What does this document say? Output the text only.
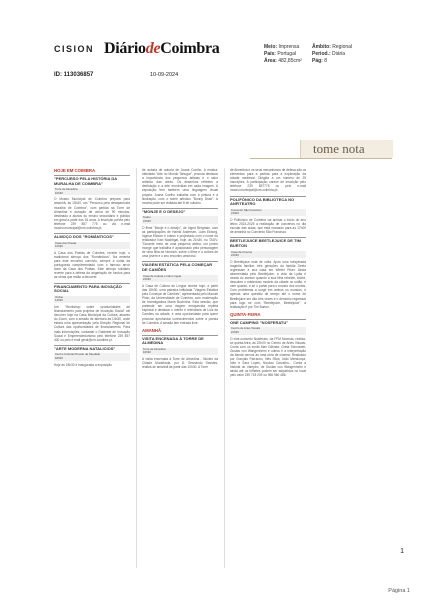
CISION DiáriodeCoimbra
ID: 113036857	10-09-2024
Meio: Imprensa
País: Portugal
Área: 482,85cm²
Âmbito: Regional
Period.: Diária
Pág: 8
tome nota
HOJE EM COIMBRA
"PERCURSO PELA HISTÓRIA DA MURALHA DE COIMBRA"
Torre de Almedina
10h30

O Museu Municipal de Coimbra prepara para amanhã, às 10h30, um "Percurso pela desaparecida muralha de Coimbra", com partida na Torre de Almedina e duração de cerca de 90 minutos, destinado a alunos do ensino secundário e público em geral a partir dos 16 anos. A inscrição prévia pelo telefone 239 857 775 ou via e-mail museu.municipal@cm-coimbra.pt.

ALMOÇO DOS "ROMÂNTICOS"
Casa dos Poetas
12h30

A Casa dos Poetas de Coimbra, recebe hoje, o tradicional almoço dos "Românticos". Na ementa para este encontro convívio, sempre à conta da portuguesa complementado com o famoso arroz doce da Casa dos Poetas. Este almoço solidário reverte para a defesa da angariação de fundos para as obras que estão a decorrer.

FINANCIAMENTO PARA INOVAÇÃO SOCIAL
Online
14h30

Um "Workshop sobre oportunidades de financiamento para projetos de Inovação Social" vai decorrer hoje na Casa Municipal da Cultura, através do Zoom, com a sessão de abertura às 14h30, onde estará uma apresentação pela Direção Regional de Cultura das oportunidades de financiamento. Para mais informações, contactar o Gabinete de Inovação Social e Empreendedorismo pelo telefone 239 857 400 ou pelo e-mail geral@cm-coimbra.pt.

"ARTE MODERNA NATALICIOS"
Centro Cultural Penedo da Saudade
18h30

Hoje às 18h30 é inaugurada a exposição

de autoria de autoria de Joana Coelho. A mostra, intitulada "Arte no Mundo Tahugar", procura destacar a importância dos pequenos artistas e o valor artístico das obras. Os desenhos refletem a dedicação e a arte envolvidas em cada imagem. A exposição tem também uma linguagem visual própria. Joana Coelho trabalha com a pintura e a ilustração, com o nome artístico "Bunny Draw". A mostra pode ser visitada até 8 de outubro.

"MONJE E O DESEJO"
Teatro
21h30

O filme "Monje e o desejo", de Ingrid Bergman, com as participações de Hamid Andersen, Liam Ekborg, Ingmar Ekborn e outros é projectado com o nome do realizador Ivan Nachtigal, hoje, às 21h30, no TAGV. "Durante meio de uma pequena aldeia, um jovem monge que trabalha é apaixonado pela personagem de uma filha de Norwich, sobre o filme e a cultura de uma jovem e o seu encontro amoroso.

VIAGEM ESTÁTICA PELA COMEÇAR DE CAMÕES
Casa de Cultura e Indo Língua
21h30

A Casa de Cultura de Língua recebe hoje, a partir das 18h30, uma palestra intitulada "Viagem Estática pela Começar de Camões", apresentada pelo Manuel Pinto, da Universidade de Coimbra, com moderação de Investigadora Maria Bochinha. Esta sessão, que pretende ser uma viagem enriquecida repleta especial e destacar o mérito e relevância de Luis de Camões na cidade, é uma oportunidade para quem procurar aprofundar conhecimentos sobre a poesia de Coimbra. A sessão tem entrada livre.

AMANHÃ
VISITA ENCENADA À TORRE DE ALMEDINA
Torre de Almedina
10h30

A visita encenada à Torre de Almedina - Núcleo da Cidade Muralhada, por D. Sesnando Davides, realiza-se amanhã às partir das 10h30. A Torre

de Almedina e os seus mecanismos de defesa são os elementos para a partida para a exploração da cidade medieval. Dirigida a um número de 25 inscrições. A participação carece de inscrição pelo telefone 239 857775 ou pelo e-mail museu.municipal@cm-coimbra.pt.

POLIFÓNICO DA BIBLIOTECA NO ANFITEATRO
Convento São Francisco
21h00

O Polifónico de Coimbra vai animar o início do ano letivo 2024-2025 a realização de concertos no dia escolar das aulas, que está marcado para as 17h00 de amanhã no Convento São Francisco.

BEETLEJUICE BEETLEJUICE DE TIM BURTON
Casa da Cinema
21h30

O Beetlejuice está de volta. Após uma inesperada tragédia familiar, três gerações da família Deetz regressam à sua casa em Winter River. Ainda atormentada pelo Beetlejuice, a vida da Lydia é virada do avesso quando a sua filha rebelde, Astrid, descobre o misterioso modelo da cidade no sótão, e nem quanto, e se o portal para o mundo dos mortos. Com problemas a surgir em ambos os mundos, é apenas uma questão de tempo até o nome de Beetlejuice ser dito três vezes e o demónio regressar para logo se com "Beetlejuice, Beetlejuice", a realização é por Tim Burton.

QUINTA-FEIRA
ONE CAMPING "NOSFERATU"
Centro de Artes Visuais
21h30

O cine-concerto Nosferatu, da FFM Mormas, realiza-se quinta-feira, às 22h00 no Centro de Artes Visuais. Conta com os ecrãs Max Gilbratz, Greta Schroeder, Gustav von Wangenheim e outros e a interpretação da banda nervos às uma obra de cinema. Realizado por Gonçalo Parracho, Inês Silva, João Mendonça, Inês e Sara Lopes, Nicolau Carvalho... Conta a história do Vampiro, de Gustav von Wangenheim e ainda até os bilhetes podem ser adquiridos no local pelo valor 239 718 209 ou 966 960 486.

1
Página 1
